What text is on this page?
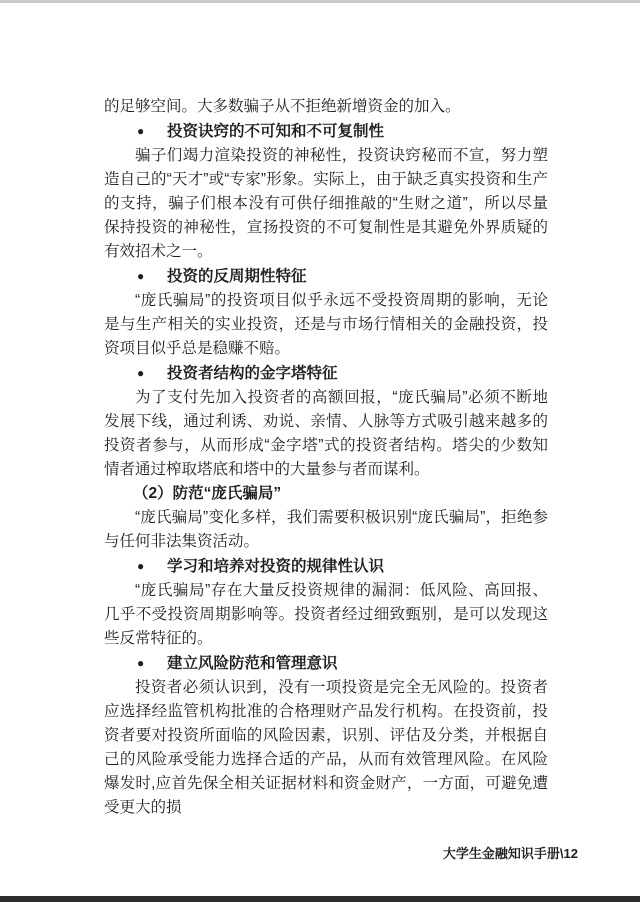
的足够空间。大多数骗子从不拒绝新增资金的加入。

● 投资诀窍的不可知和不可复制性

骗子们竭力渲染投资的神秘性，投资诀窍秘而不宣，努力塑造自己的“天才”或“专家”形象。实际上，由于缺乏真实投资和生产的支持，骗子们根本没有可供仔细推敲的“生财之道”，所以尽量保持投资的神秘性，宣扬投资的不可复制性是其避免外界质疑的有效招术之一。

● 投资的反周期性特征

“庞氏骗局”的投资项目似乎永远不受投资周期的影响，无论是与生产相关的实业投资，还是与市场行情相关的金融投资，投资项目似乎总是稳赚不赔。

● 投资者结构的金字塔特征

为了支付先加入投资者的高额回报，“庞氏骗局”必须不断地发展下线，通过利诱、劝说、亲情、人脉等方式吸引越来越多的投资者参与，从而形成“金字塔”式的投资者结构。塔尖的少数知情者通过榨取塔底和塔中的大量参与者而谋利。

（2）防范“庞氏骗局”

“庞氏骗局”变化多样，我们需要积极识别“庞氏骗局”，拒绝参与任何非法集资活动。

● 学习和培养对投资的规律性认识

“庞氏骗局”存在大量反投资规律的漏洞：低风险、高回报、几乎不受投资周期影响等。投资者经过细致甄别，是可以发现这些反常特征的。

● 建立风险防范和管理意识

投资者必须认识到，没有一项投资是完全无风险的。投资者应选择经监管机构批准的合格理财产品发行机构。在投资前，投资者要对投资所面临的风险因素，识别、评估及分类，并根据自己的风险承受能力选择合适的产品，从而有效管理风险。在风险爆发时,应首先保全相关证据材料和资金财产，一方面，可避免遭受更大的损

大学生金融知识手册\12
